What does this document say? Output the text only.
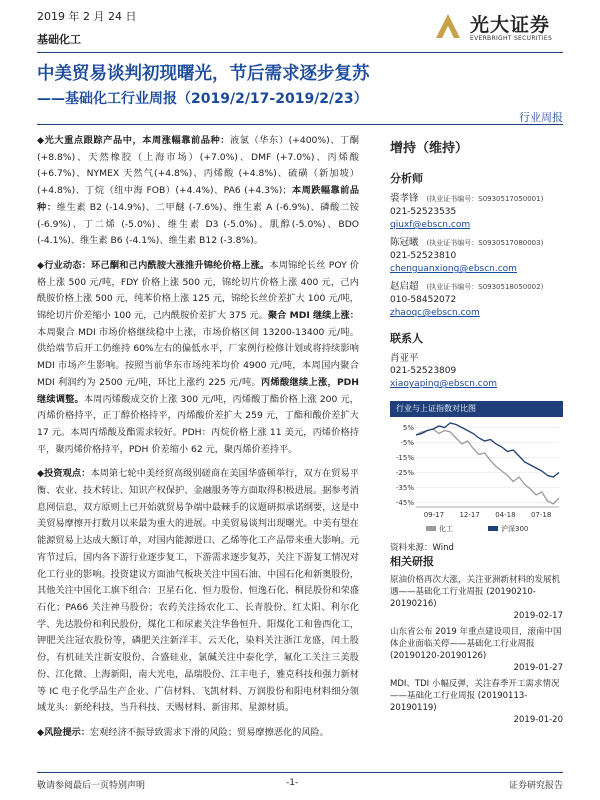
2019 年 2 月 24 日
基础化工
光大证券
EVERBRIGHT SECURITIES
中美贸易谈判初现曙光，节后需求逐步复苏
——基础化工行业周报（2019/2/17-2019/2/23）
行业周报

◆光大重点跟踪产品中，本周涨幅靠前品种：液氯（华东）(+400%)、丁酮(+8.8%)、天然橡胶（上海市场）(+7.0%)、DMF (+7.0%)、丙烯酸 (+6.7%)、NYMEX 天然气(+4.8%)、丙烯酸 (+4.8%)、硫磺（新加坡）(+4.8%)、丁烷（纽中海 FOB）(+4.4%)、PA6 (+4.3%)；本周跌幅靠前品种：维生素 B2 (-14.9%)、二甲醚 (-7.6%)、维生素 A (-6.9%)、磷酸二铵 (-6.9%)、丁二烯 (-5.0%)、维生素 D3 (-5.0%)、肌醇(-5.0%)、BDO (-4.1%)、维生素 B6 (-4.1%)、维生素 B12 (-3.8%)。

◆行业动态：环己酮和己内酰胺大涨推升锦纶价格上涨。本周锦纶长丝 POY 价格上涨 500 元/吨，FDY 价格上涨 500 元，锦纶切片价格上涨 400 元，己内酰胺价格上涨 500 元，纯苯价格上涨 125 元，锦纶长丝价差扩大 100 元/吨，锦纶切片价差缩小 100 元，己内酰胺价差扩大 375 元。聚合 MDI 继续上涨：本周聚合 MDI 市场价格继续稳中上涨，市场价格区间 13200-13400 元/吨。供给端节后开工仍维持 60%左右的偏低水平，厂家例行检修计划或将持续影响 MDI 市场产生影响。按照当前华东市场纯苯均价 4900 元/吨，本周国内聚合 MDI 利润约为 2500 元/吨，环比上涨约 225 元/吨。丙烯酸继续上涨，PDH 继续调整。本周丙烯酸成交价上涨 300 元/吨，丙烯酸丁酯价格上涨 200 元，丙烯价格持平，正丁醇价格持平，丙烯酸价差扩大 259 元，丁酯和酸价差扩大 17 元。本周丙烯酸及酯需求较好。PDH：丙烷价格上涨 11 美元，丙烯价格持平，聚丙烯价格持平，PDH 价差缩小 62 元，聚丙烯价差持平。

◆投资观点：本周第七轮中美经贸高级别磋商在美国华盛顿举行，双方在贸易平衡、农业、技术转让、知识产权保护、金融服务等方面取得积极进展。据参考消息网信息，双方原则上已开始就贸易争端中最棘手的议题研拟承诺纲要，这是中美贸易摩擦开打数月以来最为重大的进展。中美贸易谈判出现曙光。中美有望在能源贸易上达成大额订单，对国内能源进口、乙烯等化工产品带来重大影响。元宵节过后，国内各下游行业逐步复工，下游需求逐步复苏，关注下游复工情况对化工行业的影响。投资建议方面油气板块关注中国石油、中国石化和新奥股份，其他关注中国化工旗下组合：卫星石化、恒力股份、恒逸石化、桐昆股份和荣盛石化；PA66 关注神马股份；农药关注扬农化工、长青股份、红太阳、利尔化学、先达股份和利民股份，煤化工和尿素关注华鲁恒升、阳煤化工和鲁西化工，钾肥关注冠农股份等，磷肥关注新洋丰、云天化，染料关注浙江龙盛，闰土股份，有机硅关注新安股份、合盛硅业，氯碱关注中泰化学，氟化工关注三美股份、江化微、上海新阳，南大光电，晶瑞股份、江丰电子，雅克科技和强力新材等 IC 电子化学品生产企业、广信材料、飞凯材料、万润股份和阳电材料细分领域龙头：新纶科技，当升科技、天赐材料、新宙邦、星源材质。

◆风险提示：宏观经济不振导致需求下滑的风险；贸易摩擦恶化的风险。

增持（维持）
分析师
裘孝锋 (执业证书编号：S0930517050001)
021-52523535
qiuxf@ebscn.com
陈冠曦 (执业证书编号：S0930517080003)
021-52523810
chenguanxiong@ebscn.com
赵启超 (执业证书编号：S0930518050002)
010-58452072
zhaoqc@ebscn.com
联系人
肖亚平
021-52523809
xiaoyaping@ebscn.com
行业与上证指数对比图
5%
-5%
-15%
-25%
-35%
-45%
09-17 12-17 04-18 07-18
化工	沪深300
资料来源：Wind
相关研报
原油价格再次大涨，关注亚洲新材料的发展机遇——基础化工行业周报 (20190210-20190216)
2019-02-17
山东省公布 2019 年重点建设项目，滚南中国体企业面临关停——基础化工行业周报 (20190120-20190126)
2019-01-27
MDI、TDI 小幅反弹，关注春季开工需求情况——基础化工行业周报 (20190113-20190119)
2019-01-20
敬请参阅最后一页特别声明	-1-	证券研究报告
